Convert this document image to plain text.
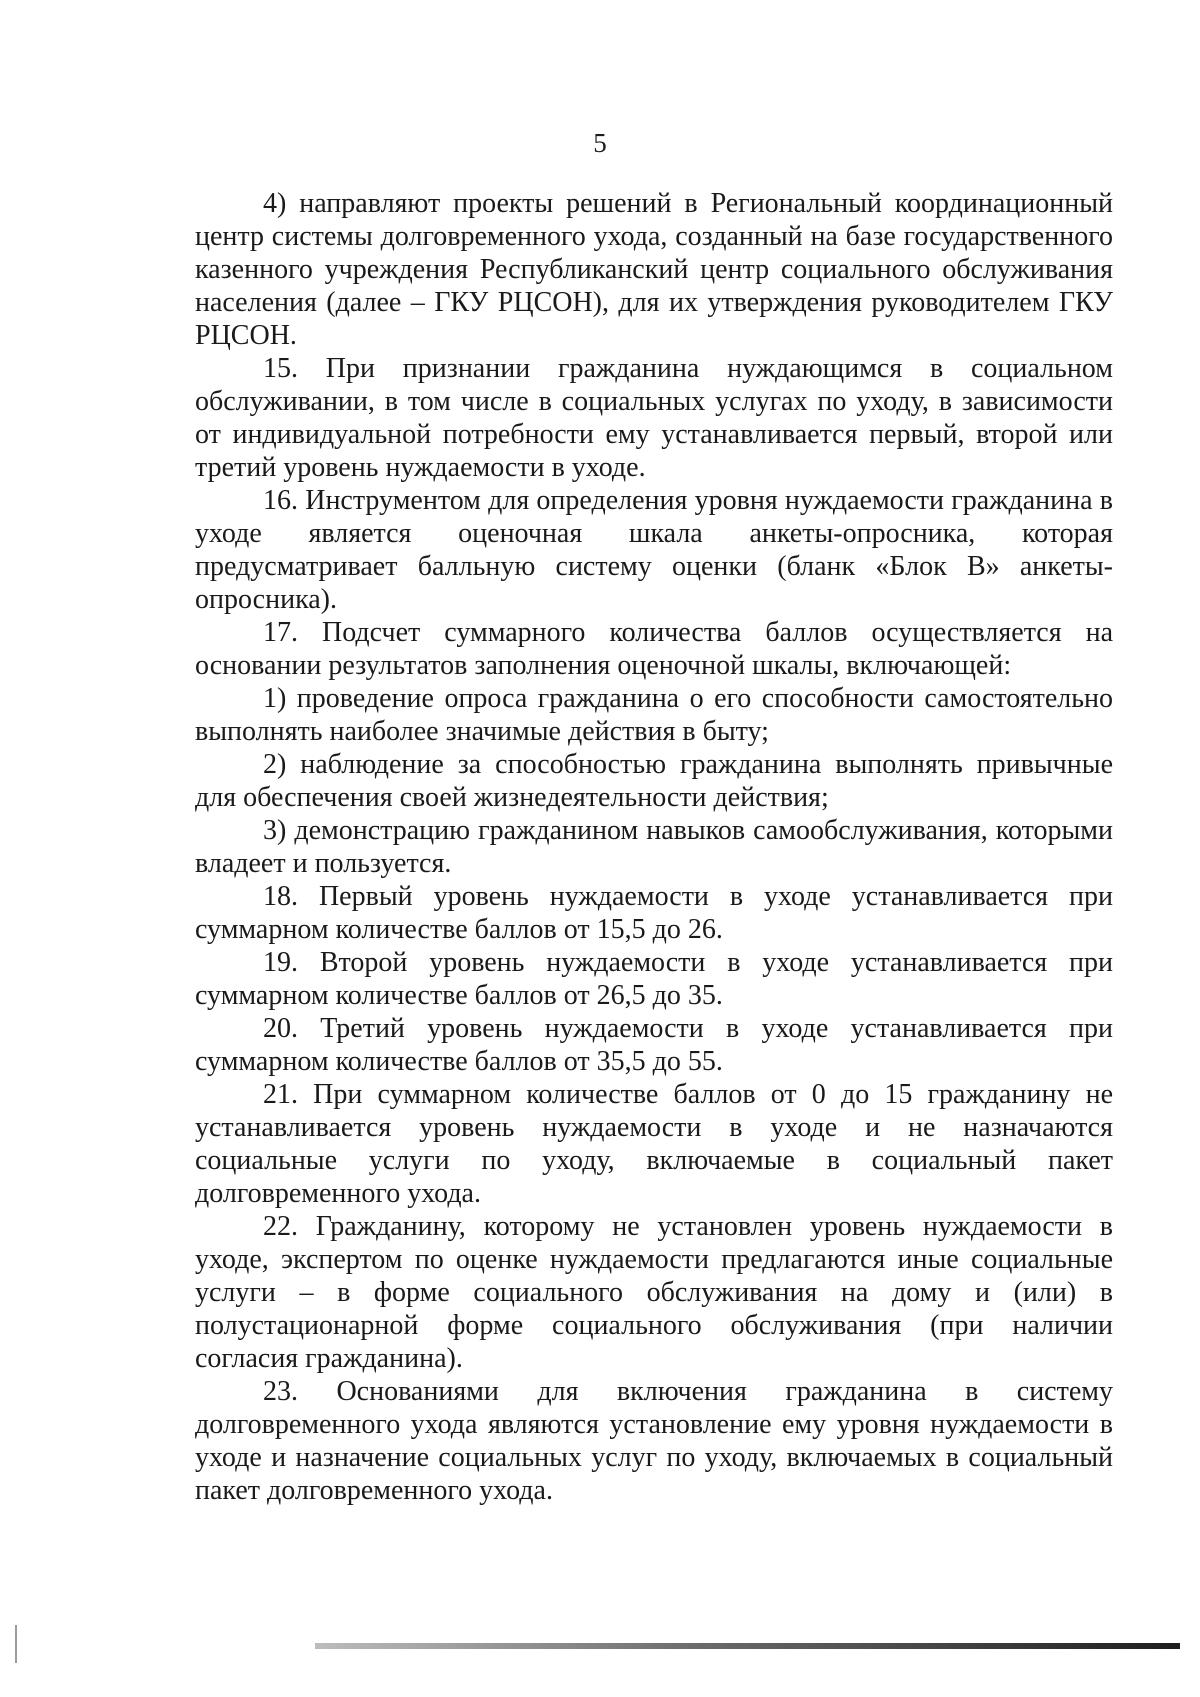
5

4) направляют проекты решений в Региональный координационный центр системы долговременного ухода, созданный на базе государственного казенного учреждения Республиканский центр социального обслуживания населения (далее – ГКУ РЦСОН), для их утверждения руководителем ГКУ РЦСОН.

15. При признании гражданина нуждающимся в социальном обслуживании, в том числе в социальных услугах по уходу, в зависимости от индивидуальной потребности ему устанавливается первый, второй или третий уровень нуждаемости в уходе.

16. Инструментом для определения уровня нуждаемости гражданина в уходе является оценочная шкала анкеты-опросника, которая предусматривает балльную систему оценки (бланк «Блок В» анкеты-опросника).

17. Подсчет суммарного количества баллов осуществляется на основании результатов заполнения оценочной шкалы, включающей:

1) проведение опроса гражданина о его способности самостоятельно выполнять наиболее значимые действия в быту;

2) наблюдение за способностью гражданина выполнять привычные для обеспечения своей жизнедеятельности действия;

3) демонстрацию гражданином навыков самообслуживания, которыми владеет и пользуется.

18. Первый уровень нуждаемости в уходе устанавливается при суммарном количестве баллов от 15,5 до 26.

19. Второй уровень нуждаемости в уходе устанавливается при суммарном количестве баллов от 26,5 до 35.

20. Третий уровень нуждаемости в уходе устанавливается при суммарном количестве баллов от 35,5 до 55.

21. При суммарном количестве баллов от 0 до 15 гражданину не устанавливается уровень нуждаемости в уходе и не назначаются социальные услуги по уходу, включаемые в социальный пакет долговременного ухода.

22. Гражданину, которому не установлен уровень нуждаемости в уходе, экспертом по оценке нуждаемости предлагаются иные социальные услуги – в форме социального обслуживания на дому и (или) в полустационарной форме социального обслуживания (при наличии согласия гражданина).

23. Основаниями для включения гражданина в систему долговременного ухода являются установление ему уровня нуждаемости в уходе и назначение социальных услуг по уходу, включаемых в социальный пакет долговременного ухода.
